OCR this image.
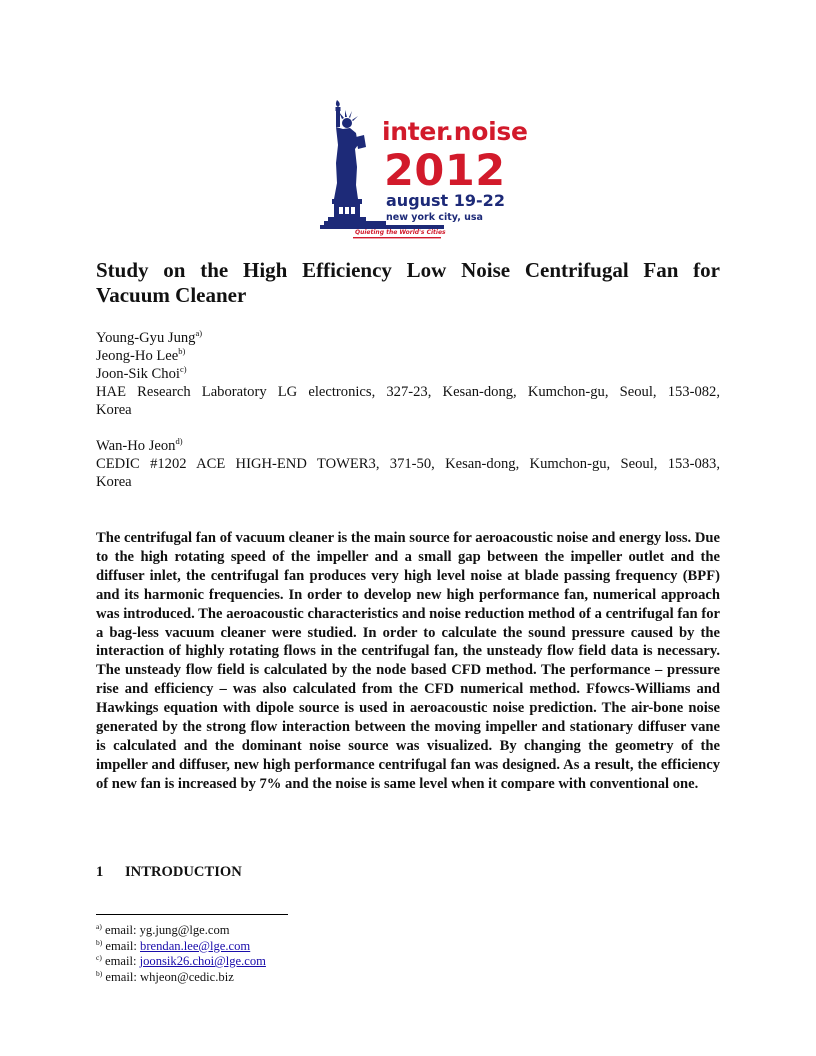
inter.noise
2012
august 19-22
new york city, usa
Quieting the World's Cities
Study on the High Efficiency Low Noise Centrifugal Fan for
Vacuum Cleaner
Young-Gyu Jung$^{a)}$
Jeong-Ho Lee$^{b)}$
Joon-Sik Choi$^{c)}$
HAE Research Laboratory LG electronics, 327-23, Kesan-dong, Kumchon-gu, Seoul, 153-082,
Korea
Wan-Ho Jeon$^{d)}$
CEDIC #1202 ACE HIGH-END TOWER3, 371-50, Kesan-dong, Kumchon-gu, Seoul, 153-083,
Korea

The centrifugal fan of vacuum cleaner is the main source for aeroacoustic noise and energy loss. Due to the high rotating speed of the impeller and a small gap between the impeller outlet and the diffuser inlet, the centrifugal fan produces very high level noise at blade passing frequency (BPF) and its harmonic frequencies. In order to develop new high performance fan, numerical approach was introduced. The aeroacoustic characteristics and noise reduction method of a centrifugal fan for a bag-less vacuum cleaner were studied. In order to calculate the sound pressure caused by the interaction of highly rotating flows in the centrifugal fan, the unsteady flow field data is necessary. The unsteady flow field is calculated by the node based CFD method. The performance – pressure rise and efficiency – was also calculated from the CFD numerical method. Ffowcs-Williams and Hawkings equation with dipole source is used in aeroacoustic noise prediction. The air-bone noise generated by the strong flow interaction between the moving impeller and stationary diffuser vane is calculated and the dominant noise source was visualized. By changing the geometry of the impeller and diffuser, new high performance centrifugal fan was designed. As a result, the efficiency of new fan is increased by 7% and the noise is same level when it compare with conventional one.

1 INTRODUCTION
$^{a)}$ email: yg.jung@lge.com
$^{b)}$ email: brendan.lee@lge.com
$^{c)}$ email: joonsik26.choi@lge.com
$^{b)}$ email: whjeon@cedic.biz
